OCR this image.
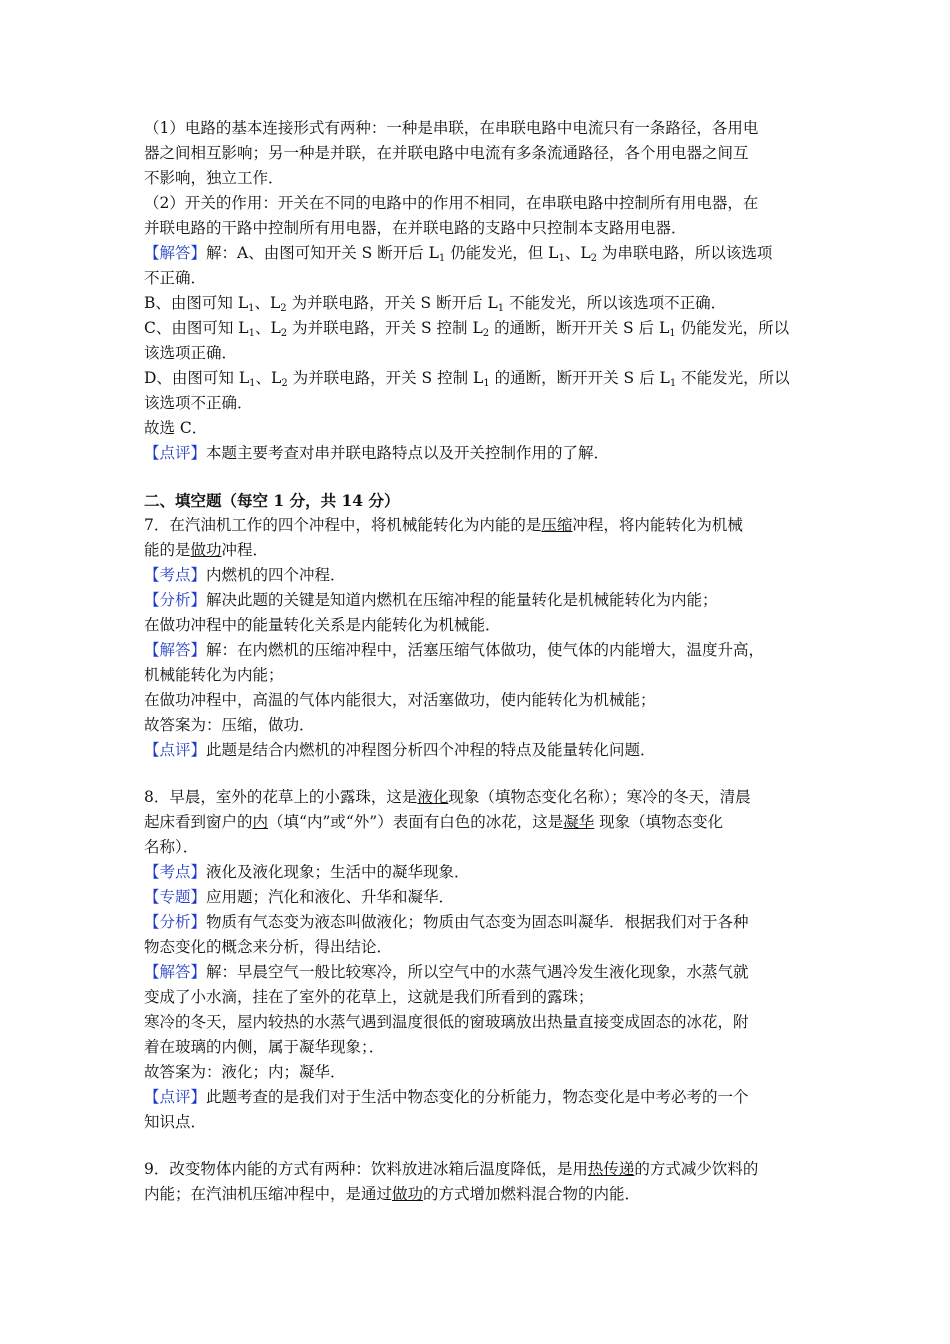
（1）电路的基本连接形式有两种：一种是串联，在串联电路中电流只有一条路径，各用电
器之间相互影响；另一种是并联，在并联电路中电流有多条流通路径，各个用电器之间互
不影响，独立工作．
（2）开关的作用：开关在不同的电路中的作用不相同，在串联电路中控制所有用电器，在
并联电路的干路中控制所有用电器，在并联电路的支路中只控制本支路用电器．
【解答】解：A、由图可知开关 S 断开后 $L_1$ 仍能发光，但 $L_1$、$L_2$ 为串联电路，所以该选项
不正确．
B、由图可知 $L_1$、$L_2$ 为并联电路，开关 S 断开后 $L_1$ 不能发光，所以该选项不正确．
C、由图可知 $L_1$、$L_2$ 为并联电路，开关 S 控制 $L_2$ 的通断，断开开关 S 后 $L_1$ 仍能发光，所以
该选项正确．
D、由图可知 $L_1$、$L_2$ 为并联电路，开关 S 控制 $L_1$ 的通断，断开开关 S 后 $L_1$ 不能发光，所以
该选项不正确．
故选 C．
【点评】本题主要考查对串并联电路特点以及开关控制作用的了解．
二、填空题（每空 1 分，共 14 分）
7．在汽油机工作的四个冲程中，将机械能转化为内能的是压缩冲程，将内能转化为机械
能的是做功冲程．
【考点】内燃机的四个冲程．
【分析】解决此题的关键是知道内燃机在压缩冲程的能量转化是机械能转化为内能；
在做功冲程中的能量转化关系是内能转化为机械能．
【解答】解：在内燃机的压缩冲程中，活塞压缩气体做功，使气体的内能增大，温度升高，
机械能转化为内能；
在做功冲程中，高温的气体内能很大，对活塞做功，使内能转化为机械能；
故答案为：压缩，做功．
【点评】此题是结合内燃机的冲程图分析四个冲程的特点及能量转化问题．
8．早晨，室外的花草上的小露珠，这是液化现象（填物态变化名称）；寒冷的冬天，清晨
起床看到窗户的内（填“内”或“外”）表面有白色的冰花，这是凝华 现象（填物态变化
名称）．
【考点】液化及液化现象；生活中的凝华现象．
【专题】应用题；汽化和液化、升华和凝华．
【分析】物质有气态变为液态叫做液化；物质由气态变为固态叫凝华．根据我们对于各种
物态变化的概念来分析，得出结论．
【解答】解：早晨空气一般比较寒冷，所以空气中的水蒸气遇冷发生液化现象，水蒸气就
变成了小水滴，挂在了室外的花草上，这就是我们所看到的露珠；
寒冷的冬天，屋内较热的水蒸气遇到温度很低的窗玻璃放出热量直接变成固态的冰花，附
着在玻璃的内侧，属于凝华现象；．
故答案为：液化；内；凝华．
【点评】此题考查的是我们对于生活中物态变化的分析能力，物态变化是中考必考的一个
知识点．
9．改变物体内能的方式有两种：饮料放进冰箱后温度降低，是用热传递的方式减少饮料的
内能；在汽油机压缩冲程中，是通过做功的方式增加燃料混合物的内能．
